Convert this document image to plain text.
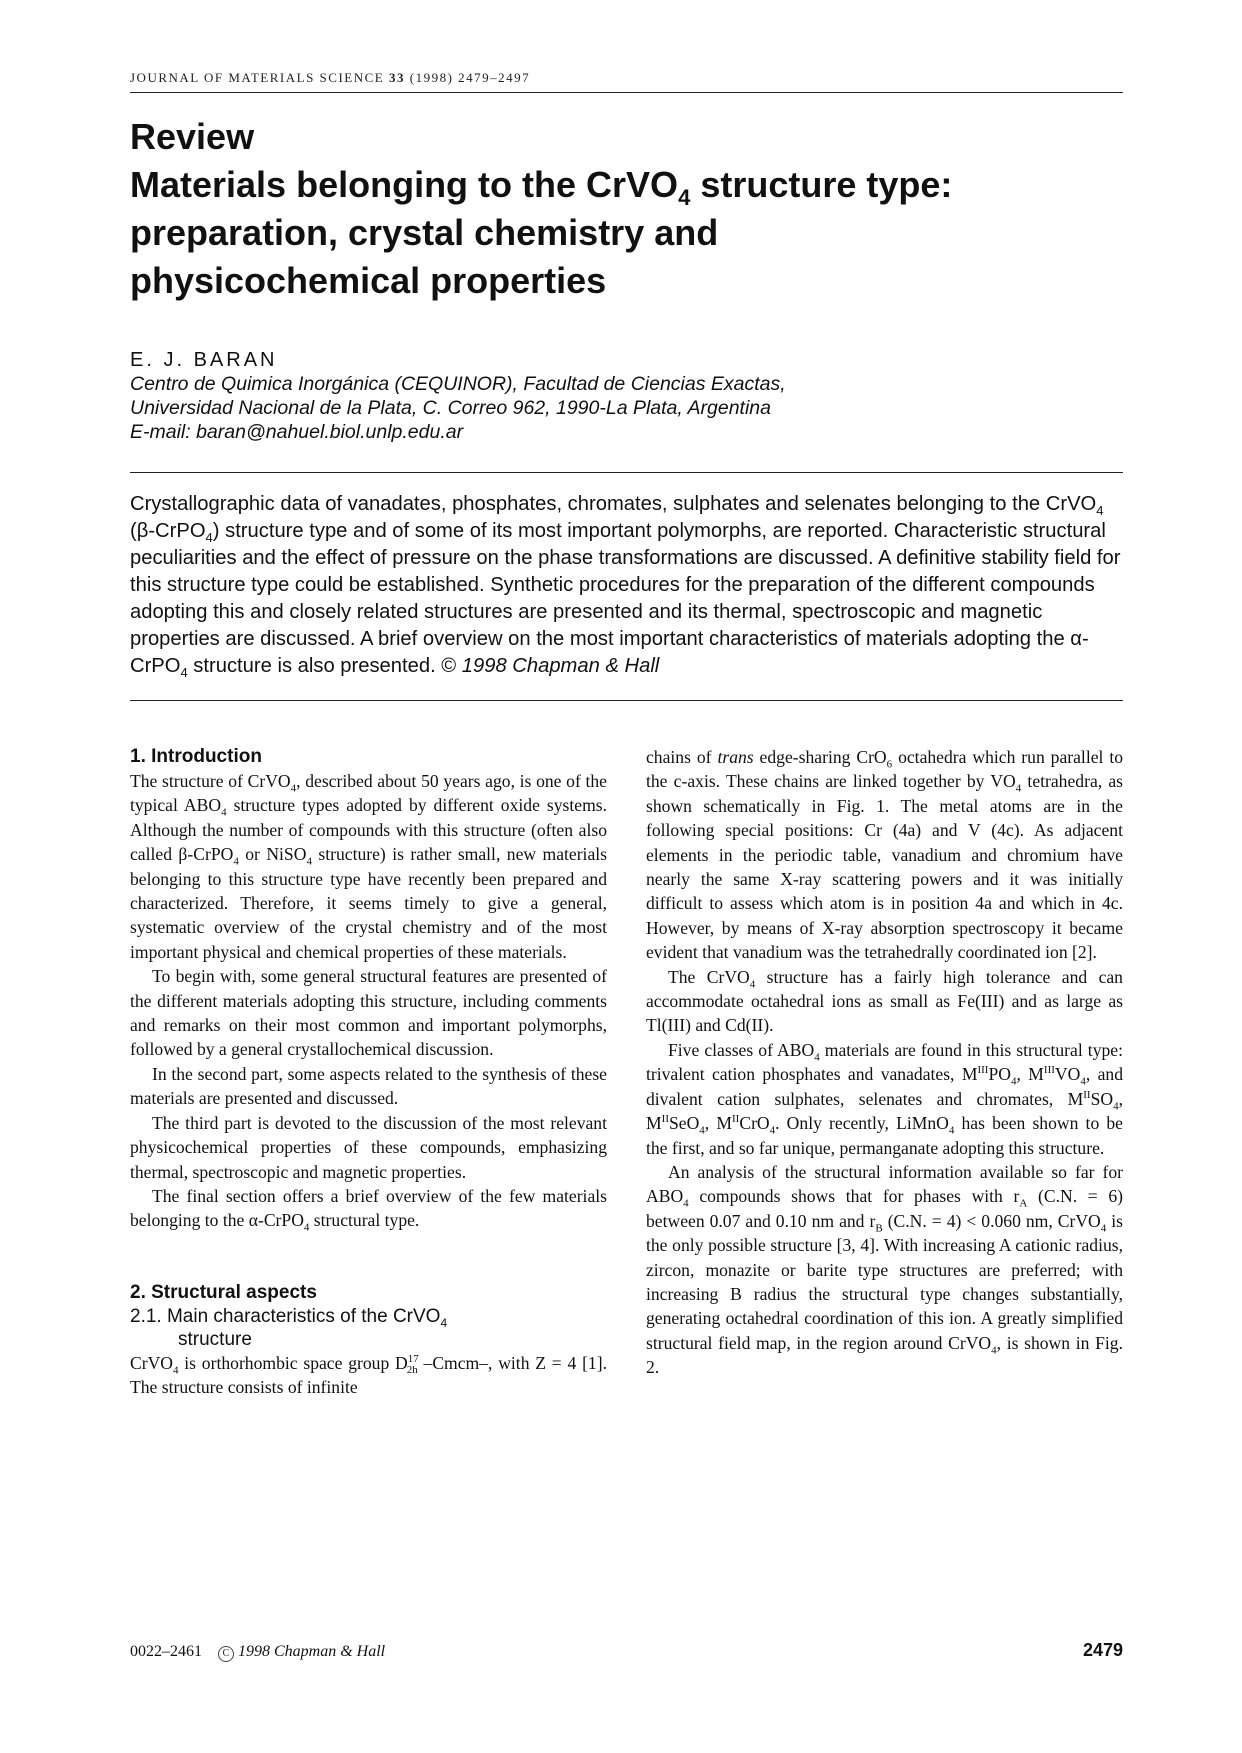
JOURNAL OF MATERIALS SCIENCE 33 (1998) 2479–2497
Review
Materials belonging to the CrVO$_4$ structure type:
preparation, crystal chemistry and
physicochemical properties
E. J. BARAN
Centro de Quimica Inorgánica (CEQUINOR), Facultad de Ciencias Exactas,
Universidad Nacional de la Plata, C. Correo 962, 1990-La Plata, Argentina
E-mail: baran@nahuel.biol.unlp.edu.ar
Crystallographic data of vanadates, phosphates, chromates, sulphates and selenates belonging to the CrVO$_4$ (β-CrPO$_4$) structure type and of some of its most important polymorphs, are reported. Characteristic structural peculiarities and the effect of pressure on the phase transformations are discussed. A definitive stability field for this structure type could be established. Synthetic procedures for the preparation of the different compounds adopting this and closely related structures are presented and its thermal, spectroscopic and magnetic properties are discussed. A brief overview on the most important characteristics of materials adopting the α-CrPO$_4$ structure is also presented. © 1998 Chapman & Hall
1. Introduction

The structure of CrVO$_4$, described about 50 years ago, is one of the typical $ABO_4$ structure types adopted by different oxide systems. Although the number of compounds with this structure (often also called β-CrPO$_4$ or NiSO$_4$ structure) is rather small, new materials belonging to this structure type have recently been prepared and characterized. Therefore, it seems timely to give a general, systematic overview of the crystal chemistry and of the most important physical and chemical properties of these materials.

To begin with, some general structural features are presented of the different materials adopting this structure, including comments and remarks on their most common and important polymorphs, followed by a general crystallochemical discussion.

In the second part, some aspects related to the synthesis of these materials are presented and discussed.

The third part is devoted to the discussion of the most relevant physicochemical properties of these compounds, emphasizing thermal, spectroscopic and magnetic properties.

The final section offers a brief overview of the few materials belonging to the α-CrPO$_4$ structural type.

2. Structural aspects
2.1. Main characteristics of the CrVO$_4$
structure

CrVO$_4$ is orthorhombic space group $D^{17}_{2h}$ –Cmcm–, with Z = 4 [1]. The structure consists of infinite

chains of trans edge-sharing CrO$_6$ octahedra which run parallel to the c-axis. These chains are linked together by $VO_4$ tetrahedra, as shown schematically in Fig. 1. The metal atoms are in the following special positions: Cr (4a) and V (4c). As adjacent elements in the periodic table, vanadium and chromium have nearly the same X-ray scattering powers and it was initially difficult to assess which atom is in position 4a and which in 4c. However, by means of X-ray absorption spectroscopy it became evident that vanadium was the tetrahedrally coordinated ion [2].

The CrVO$_4$ structure has a fairly high tolerance and can accommodate octahedral ions as small as Fe(III) and as large as Tl(III) and Cd(II).

Five classes of $ABO_4$ materials are found in this structural type: trivalent cation phosphates and vanadates, $M^{III}PO_4$, $M^{III}VO_4$, and divalent cation sulphates, selenates and chromates, $M^{II}SO_4$, $M^{II}SeO_4$, $M^{II}CrO_4$. Only recently, LiMnO$_4$ has been shown to be the first, and so far unique, permanganate adopting this structure.

An analysis of the structural information available so far for $ABO_4$ compounds shows that for phases with $r_A$ (C.N. = 6) between 0.07 and 0.10 nm and $r_B$ (C.N. = 4) < 0.060 nm, CrVO$_4$ is the only possible structure [3, 4]. With increasing A cationic radius, zircon, monazite or barite type structures are preferred; with increasing B radius the structural type changes substantially, generating octahedral coordination of this ion. A greatly simplified structural field map, in the region around CrVO$_4$, is shown in Fig. 2.

0022–2461 C 1998 Chapman & Hall	2479
